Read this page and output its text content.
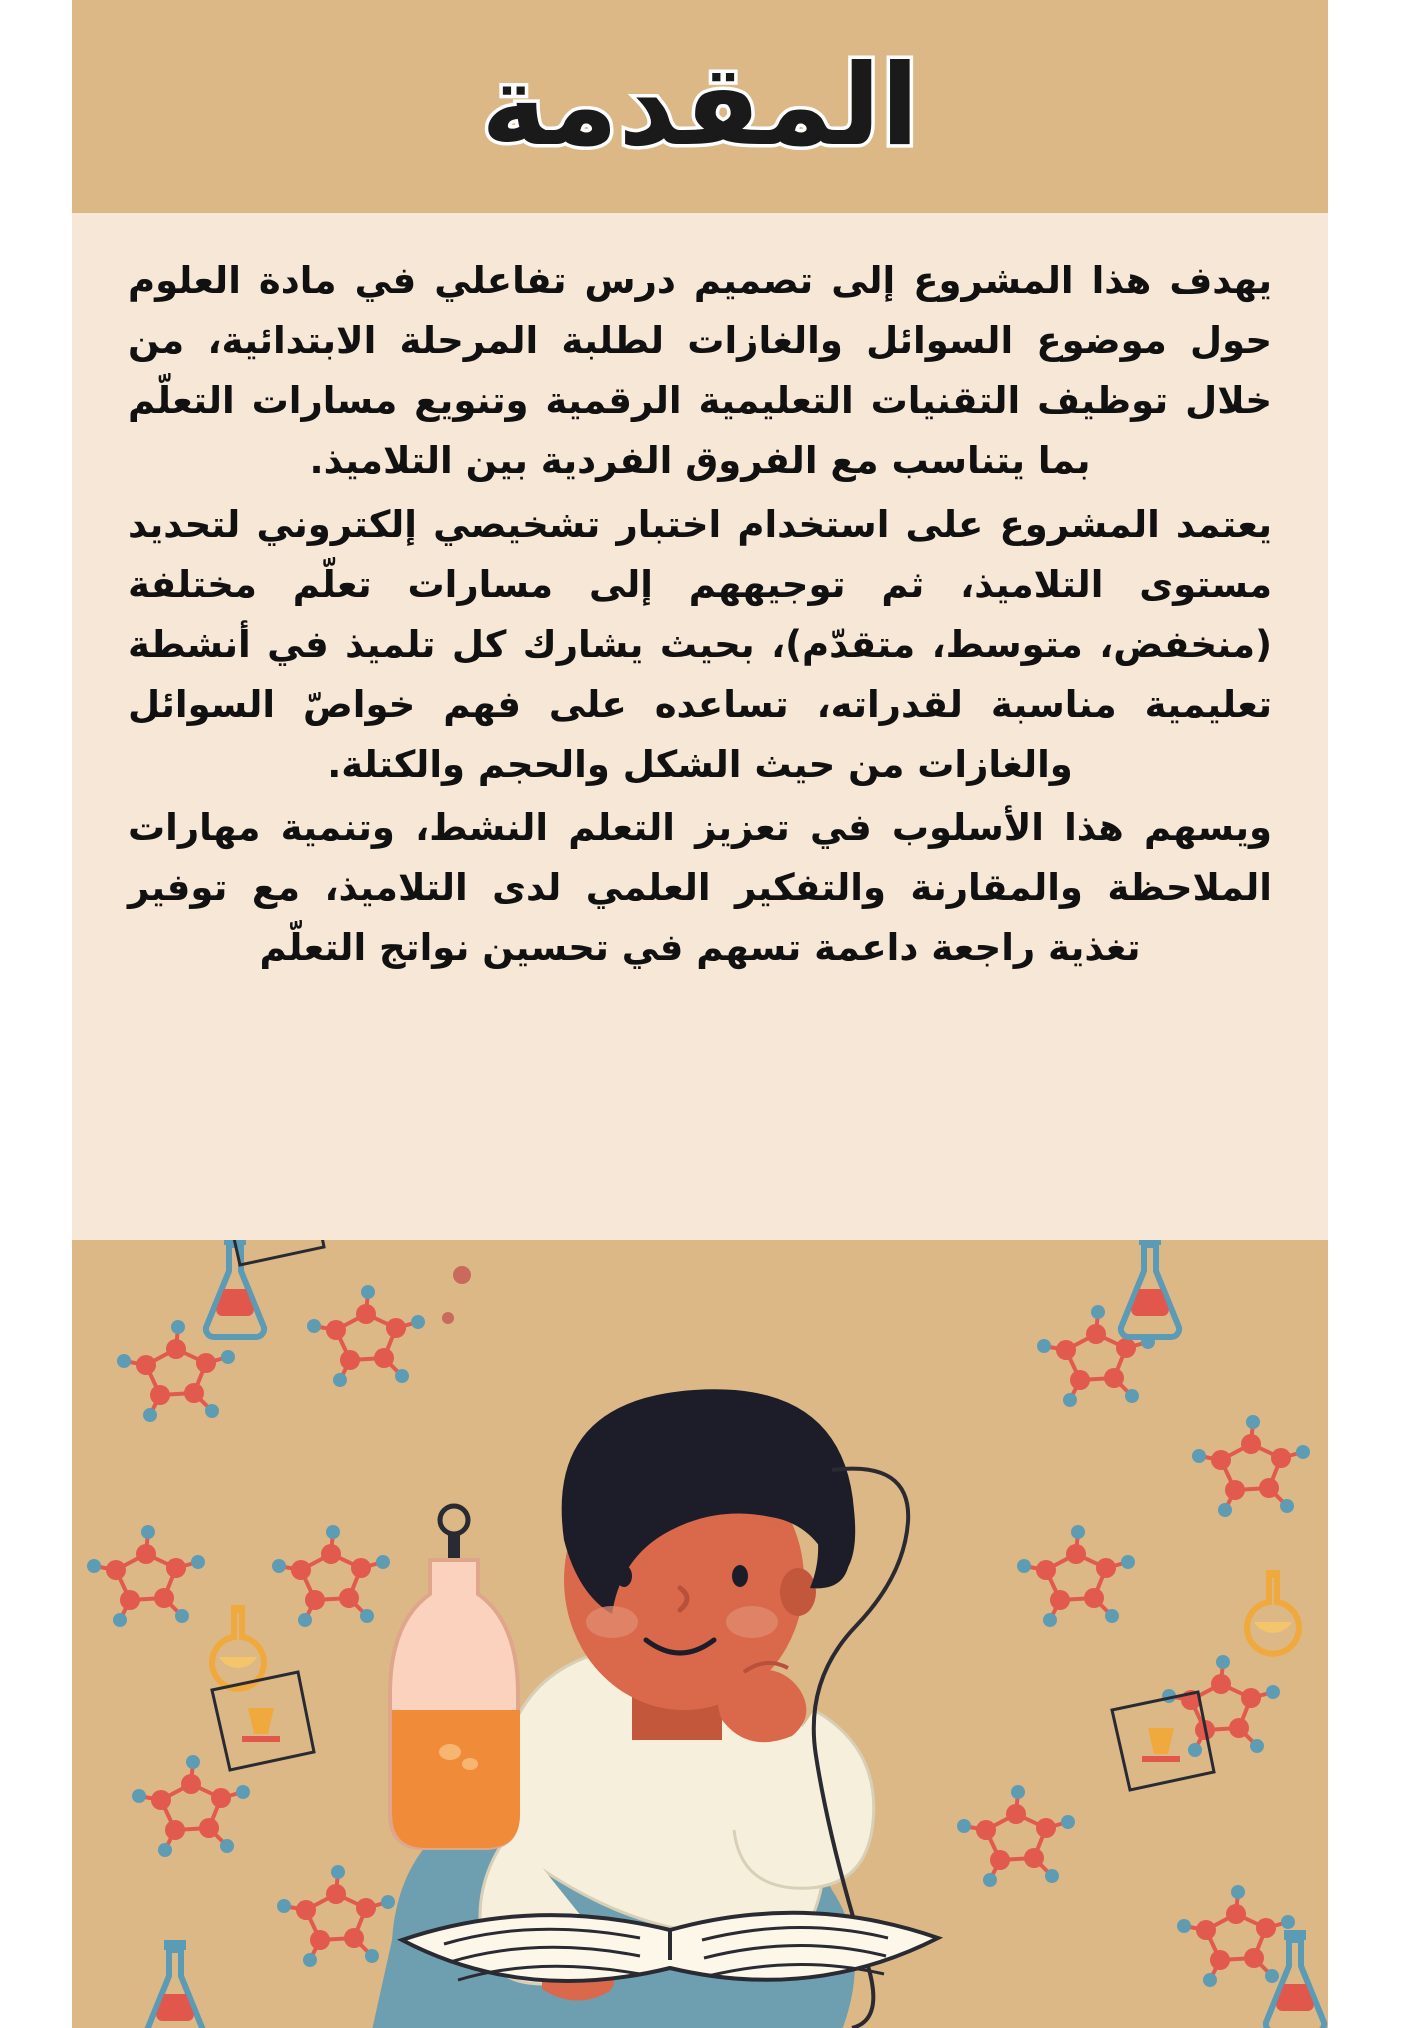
المقدمة

يهدف هذا المشروع إلى تصميم درس تفاعلي في مادة العلوم حول موضوع السوائل والغازات لطلبة المرحلة الابتدائية، من خلال توظيف التقنيات التعليمية الرقمية وتنويع مسارات التعلّم بما يتناسب مع الفروق الفردية بين التلاميذ.

يعتمد المشروع على استخدام اختبار تشخيصي إلكتروني لتحديد مستوى التلاميذ، ثم توجيههم إلى مسارات تعلّم مختلفة (منخفض، متوسط، متقدّم)، بحيث يشارك كل تلميذ في أنشطة تعليمية مناسبة لقدراته، تساعده على فهم خواصّ السوائل والغازات من حيث الشكل والحجم والكتلة.

ويسهم هذا الأسلوب في تعزيز التعلم النشط، وتنمية مهارات الملاحظة والمقارنة والتفكير العلمي لدى التلاميذ، مع توفير تغذية راجعة داعمة تسهم في تحسين نواتج التعلّم
